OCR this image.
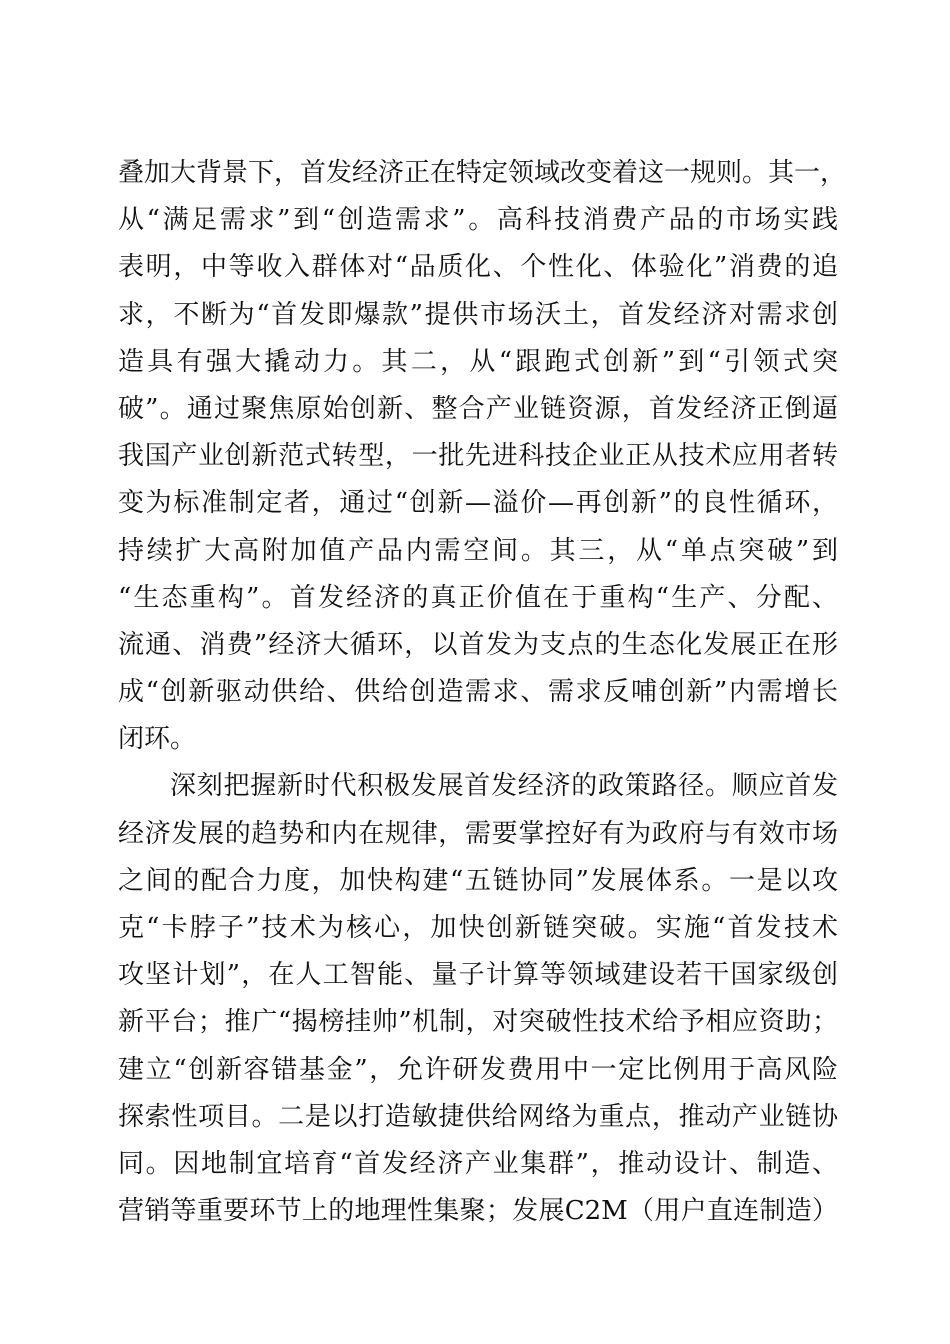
叠加大背景下，首发经济正在特定领域改变着这一规则。其一，
从“满足需求”到“创造需求”。高科技消费产品的市场实践
表明，中等收入群体对“品质化、个性化、体验化”消费的追
求，不断为“首发即爆款”提供市场沃土，首发经济对需求创
造具有强大撬动力。其二，从“跟跑式创新”到“引领式突
破”。通过聚焦原始创新、整合产业链资源，首发经济正倒逼
我国产业创新范式转型，一批先进科技企业正从技术应用者转
变为标准制定者，通过“创新—溢价—再创新”的良性循环，
持续扩大高附加值产品内需空间。其三，从“单点突破”到
“生态重构”。首发经济的真正价值在于重构“生产、分配、
流通、消费”经济大循环，以首发为支点的生态化发展正在形
成“创新驱动供给、供给创造需求、需求反哺创新”内需增长
闭环。
深刻把握新时代积极发展首发经济的政策路径。顺应首发
经济发展的趋势和内在规律，需要掌控好有为政府与有效市场
之间的配合力度，加快构建“五链协同”发展体系。一是以攻
克“卡脖子”技术为核心，加快创新链突破。实施“首发技术
攻坚计划”，在人工智能、量子计算等领域建设若干国家级创
新平台；推广“揭榜挂帅”机制，对突破性技术给予相应资助；
建立“创新容错基金”，允许研发费用中一定比例用于高风险
探索性项目。二是以打造敏捷供给网络为重点，推动产业链协
同。因地制宜培育“首发经济产业集群”，推动设计、制造、
营销等重要环节上的地理性集聚；发展C2M（用户直连制造）
